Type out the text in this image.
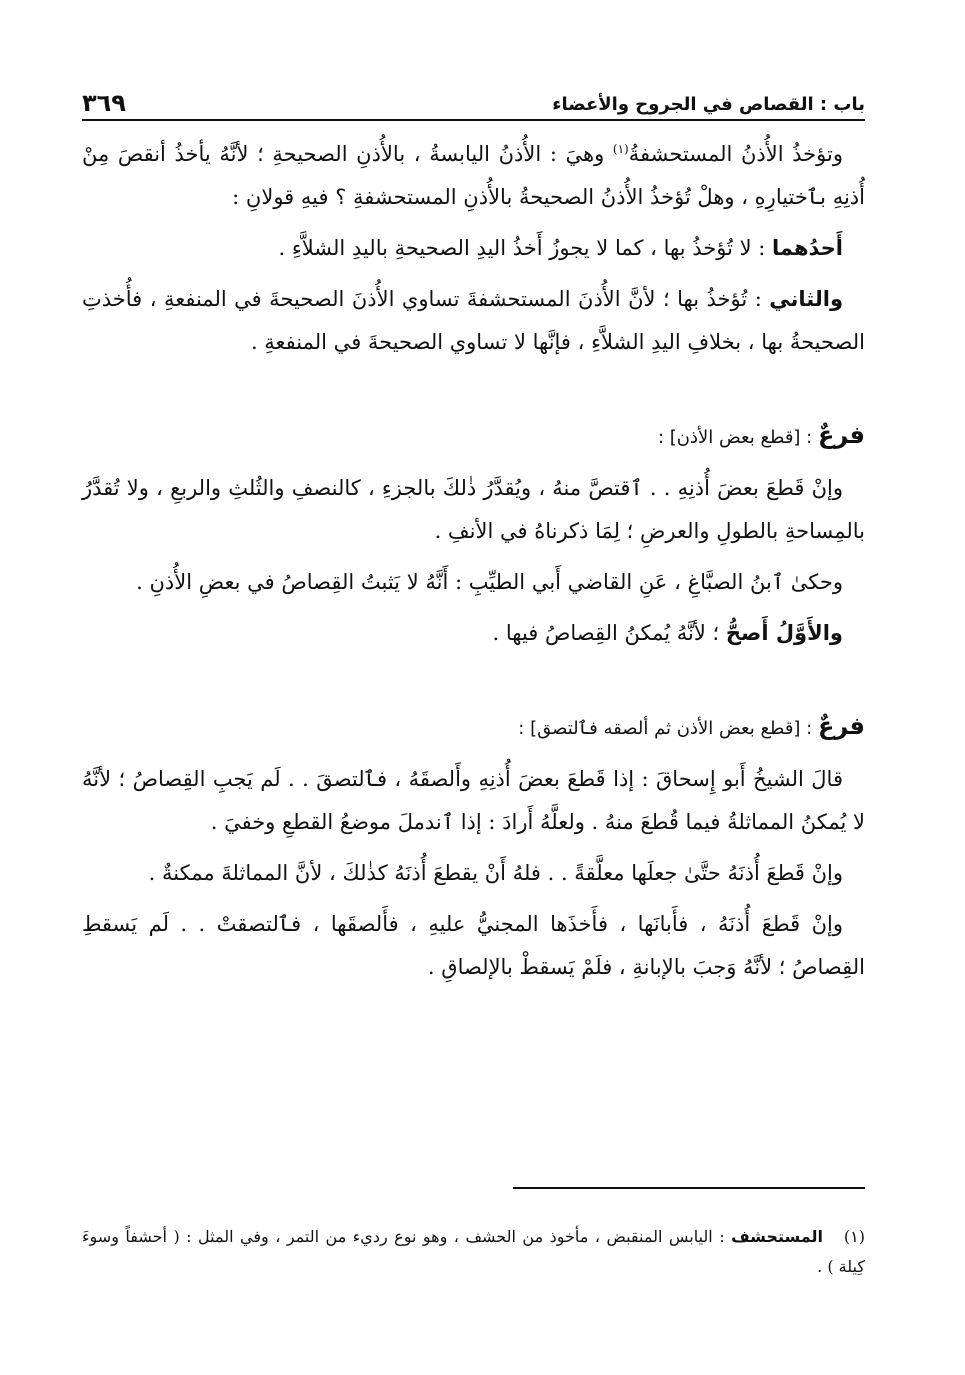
باب : القصاص في الجروح والأعضاء
٣٦٩

وتؤخذُ الأُذنُ المستحشفةُ$^{(١)}$ وهيَ : الأُذنُ اليابسةُ ، بالأُذنِ الصحيحةِ ؛ لأنَّهُ يأخذُ أنقصَ مِنْ أُذنِهِ بٱختيارِهِ ، وهلْ تُؤخذُ الأُذنُ الصحيحةُ بالأُذنِ المستحشفةِ ؟ فيهِ قولانِ :

أَحدُهما : لا تُؤخذُ بها ، كما لا يجوزُ أَخذُ اليدِ الصحيحةِ باليدِ الشلاَّءِ .

والثاني : تُؤخذُ بها ؛ لأنَّ الأُذنَ المستحشفةَ تساوي الأُذنَ الصحيحةَ في المنفعةِ ، فأُخذتِ الصحيحةُ بها ، بخلافِ اليدِ الشلاَّءِ ، فإنَّها لا تساوي الصحيحةَ في المنفعةِ .

فرعٌ : [قطع بعض الأذن] :

وإنْ قَطعَ بعضَ أُذنِهِ . . ٱقتصَّ منهُ ، ويُقدَّرُ ذٰلكَ بالجزءِ ، كالنصفِ والثُلثِ والربعِ ، ولا تُقدَّرُ بالمِساحةِ بالطولِ والعرضِ ؛ لِمَا ذكرناهُ في الأنفِ .

وحكىٰ ٱبنُ الصبَّاغِ ، عَنِ القاضي أَبي الطيِّبِ : أَنَّهُ لا يَثبتُ القِصاصُ في بعضِ الأُذنِ .

والأَوَّلُ أَصحُّ ؛ لأنَّهُ يُمكنُ القِصاصُ فيها .

فرعٌ : [قطع بعض الأذن ثم ألصقه فٱلتصق] :

قالَ الشيخُ أَبو إِسحاقَ : إذا قَطعَ بعضَ أُذنِهِ وأَلصقَهُ ، فٱلتصقَ . . لَم يَجبِ القِصاصُ ؛ لأنَّهُ لا يُمكنُ المماثلةُ فيما قُطعَ منهُ . ولعلَّهُ أَرادَ : إذا ٱندملَ موضعُ القطعِ وخفيَ .

وإنْ قَطعَ أُذنَهُ حتَّىٰ جعلَها معلَّقةً . . فلهُ أَنْ يقطعَ أُذنَهُ كذٰلكَ ، لأنَّ المماثلةَ ممكنةٌ .

وإنْ قَطعَ أُذنَهُ ، فأَبانَها ، فأَخذَها المجنيُّ عليهِ ، فأَلصقَها ، فٱلتصقتْ . . لَم يَسقطِ القِصاصُ ؛ لأنَّهُ وَجبَ بالإبانةِ ، فلَمْ يَسقطْ بالإلصاقِ .

(١)المستحشف : اليابس المنقبض ، مأخوذ من الحشف ، وهو نوع رديء من التمر ، وفي المثل : ( أحشفاً وسوءَ كِيلة ) .
